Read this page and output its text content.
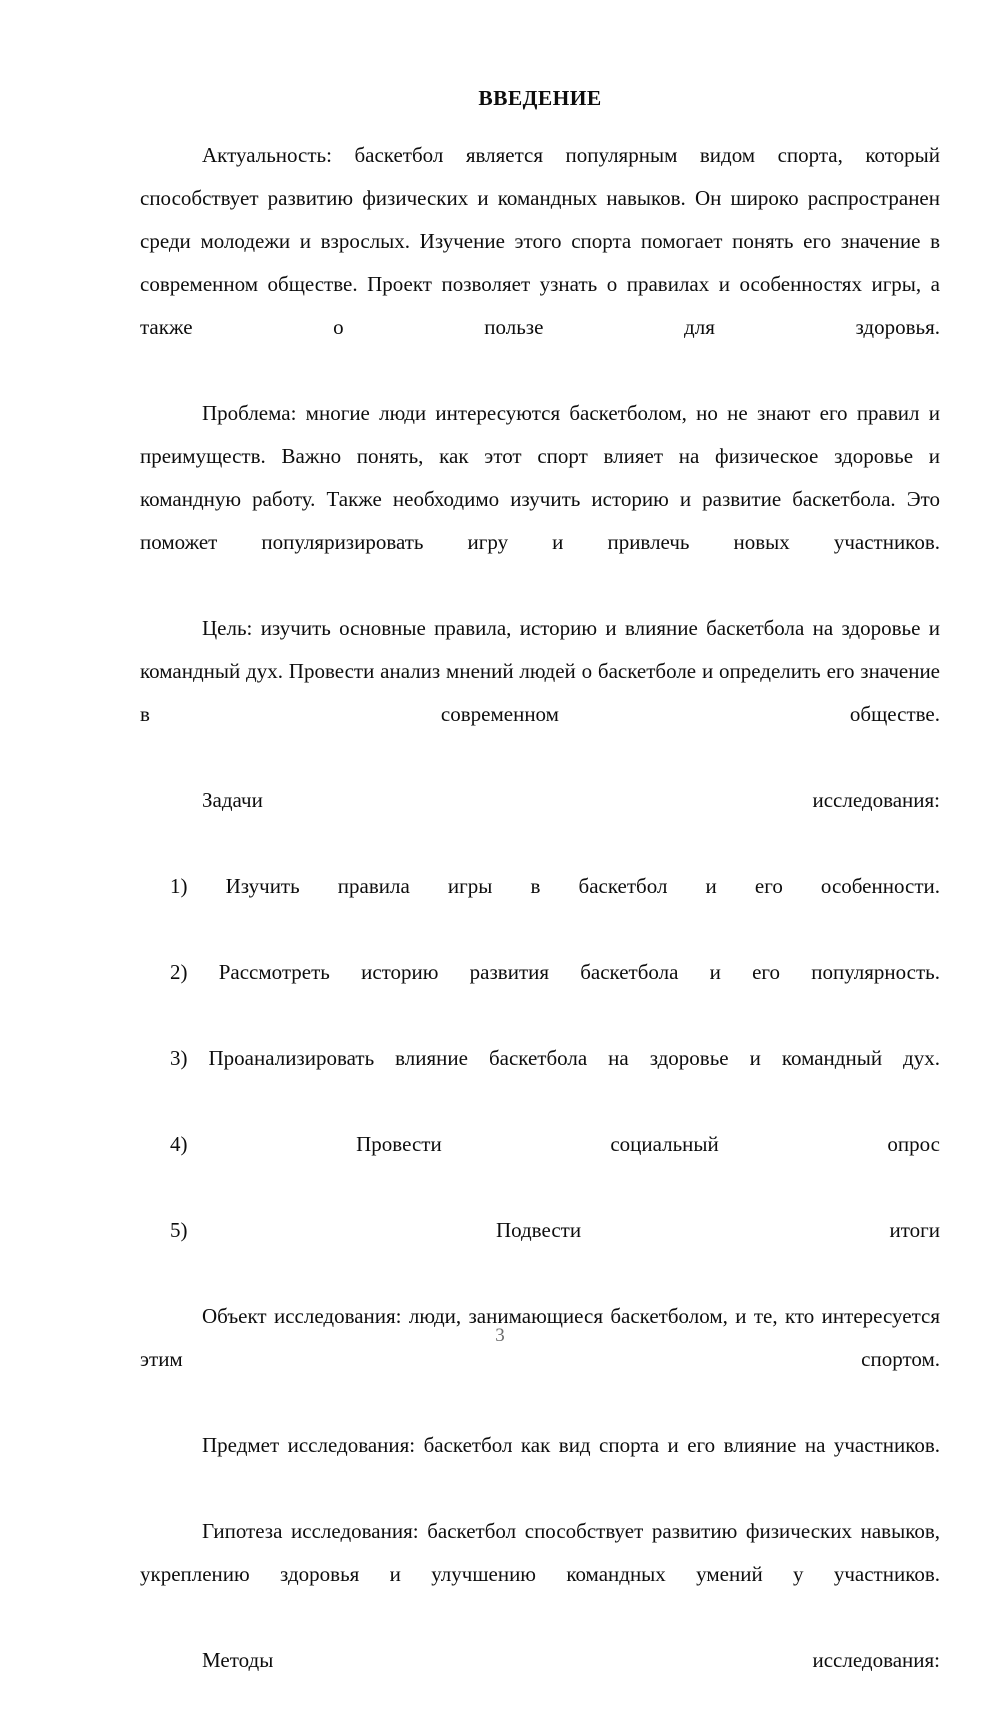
ВВЕДЕНИЕ

Актуальность: баскетбол является популярным видом спорта, который способствует развитию физических и командных навыков. Он широко распространен среди молодежи и взрослых. Изучение этого спорта помогает понять его значение в современном обществе. Проект позволяет узнать о правилах и особенностях игры, а также о пользе для здоровья.

Проблема: многие люди интересуются баскетболом, но не знают его правил и преимуществ. Важно понять, как этот спорт влияет на физическое здоровье и командную работу. Также необходимо изучить историю и развитие баскетбола. Это поможет популяризировать игру и привлечь новых участников.

Цель: изучить основные правила, историю и влияние баскетбола на здоровье и командный дух. Провести анализ мнений людей о баскетболе и определить его значение в современном обществе.

Задачи исследования:

1) Изучить правила игры в баскетбол и его особенности.

2) Рассмотреть историю развития баскетбола и его популярность.

3) Проанализировать влияние баскетбола на здоровье и командный дух.

4) Провести социальный опрос

5) Подвести итоги

Объект исследования: люди, занимающиеся баскетболом, и те, кто интересуется этим спортом.

Предмет исследования: баскетбол как вид спорта и его влияние на участников.

Гипотеза исследования: баскетбол способствует развитию физических навыков, укреплению здоровья и улучшению командных умений у участников.

Методы исследования:

3
